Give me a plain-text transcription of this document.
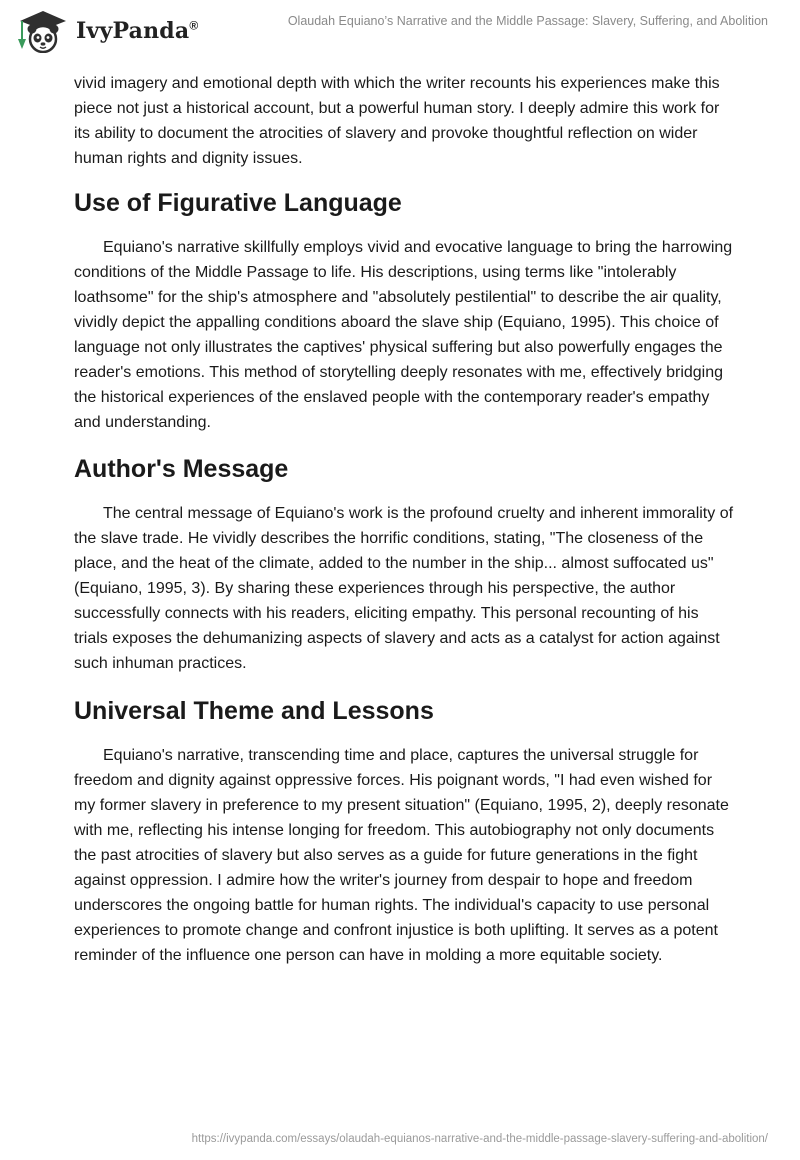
IvyPanda®	Olaudah Equiano’s Narrative and the Middle Passage: Slavery, Suffering, and Abolition

vivid imagery and emotional depth with which the writer recounts his experiences make this piece not just a historical account, but a powerful human story. I deeply admire this work for its ability to document the atrocities of slavery and provoke thoughtful reflection on wider human rights and dignity issues.

Use of Figurative Language

Equiano's narrative skillfully employs vivid and evocative language to bring the harrowing conditions of the Middle Passage to life. His descriptions, using terms like "intolerably loathsome" for the ship's atmosphere and "absolutely pestilential" to describe the air quality, vividly depict the appalling conditions aboard the slave ship (Equiano, 1995). This choice of language not only illustrates the captives' physical suffering but also powerfully engages the reader's emotions. This method of storytelling deeply resonates with me, effectively bridging the historical experiences of the enslaved people with the contemporary reader's empathy and understanding.

Author's Message

The central message of Equiano's work is the profound cruelty and inherent immorality of the slave trade. He vividly describes the horrific conditions, stating, "The closeness of the place, and the heat of the climate, added to the number in the ship... almost suffocated us" (Equiano, 1995, 3). By sharing these experiences through his perspective, the author successfully connects with his readers, eliciting empathy. This personal recounting of his trials exposes the dehumanizing aspects of slavery and acts as a catalyst for action against such inhuman practices.

Universal Theme and Lessons

Equiano's narrative, transcending time and place, captures the universal struggle for freedom and dignity against oppressive forces. His poignant words, "I had even wished for my former slavery in preference to my present situation" (Equiano, 1995, 2), deeply resonate with me, reflecting his intense longing for freedom. This autobiography not only documents the past atrocities of slavery but also serves as a guide for future generations in the fight against oppression. I admire how the writer's journey from despair to hope and freedom underscores the ongoing battle for human rights. The individual's capacity to use personal experiences to promote change and confront injustice is both uplifting. It serves as a potent reminder of the influence one person can have in molding a more equitable society.

https://ivypanda.com/essays/olaudah-equianos-narrative-and-the-middle-passage-slavery-suffering-and-abolition/
